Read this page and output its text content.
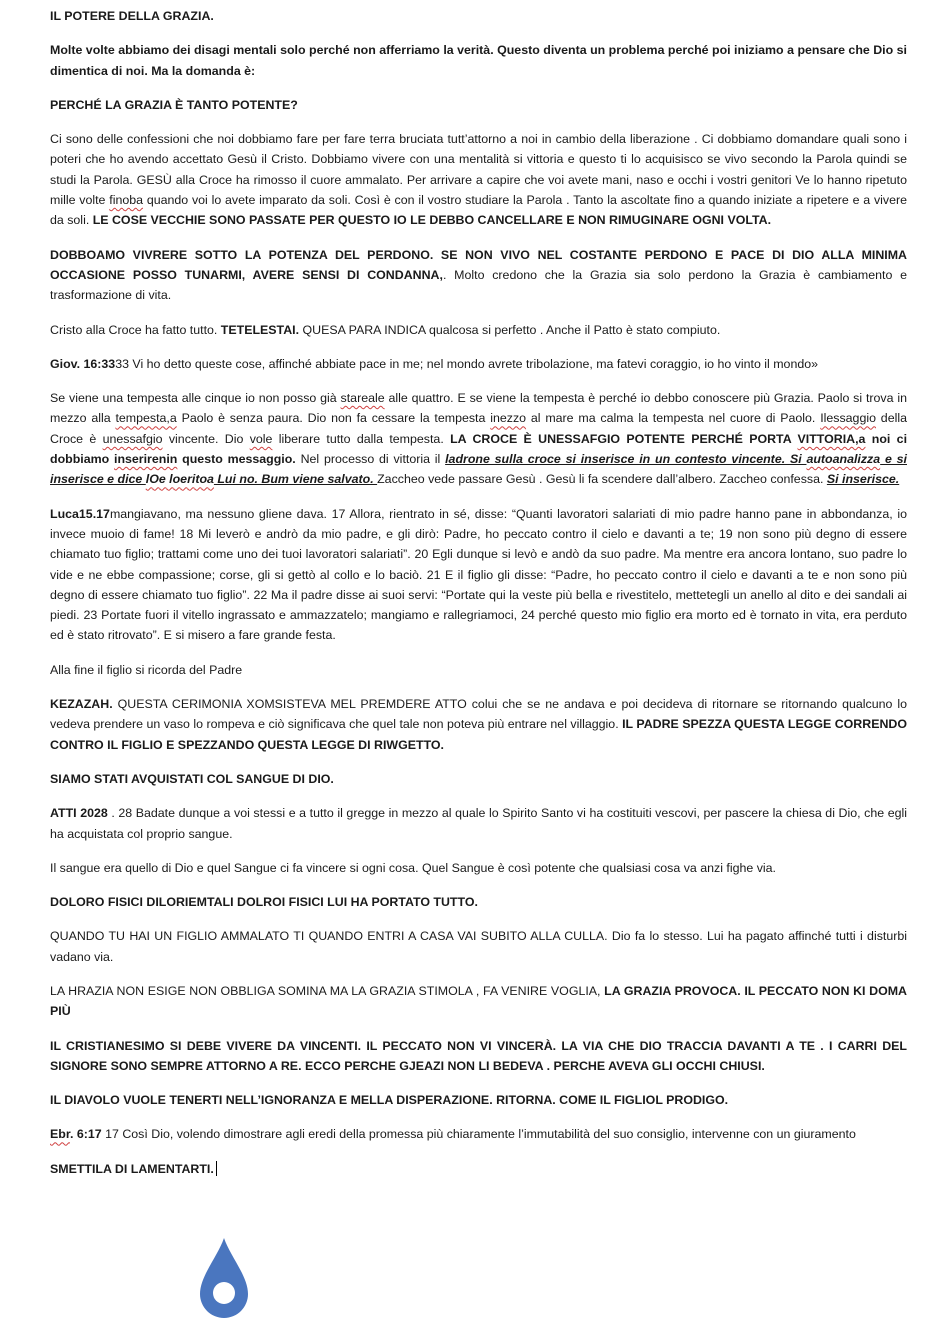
IL POTERE DELLA GRAZIA.

Molte volte abbiamo dei disagi mentali solo perché non afferriamo la verità. Questo diventa un problema perché poi iniziamo a pensare che Dio si dimentica di noi. Ma la domanda è:

PERCHÉ LA GRAZIA È TANTO POTENTE?

Ci sono delle confessioni che noi dobbiamo fare per fare terra bruciata tutt’attorno a noi in cambio della liberazione . Ci dobbiamo domandare quali sono i poteri che ho avendo accettato Gesù il Cristo. Dobbiamo vivere con una mentalità si vittoria e questo ti lo acquisisco se vivo secondo la Parola quindi se studi la Parola. GESÙ alla Croce ha rimosso il cuore ammalato. Per arrivare a capire che voi avete mani, naso e occhi i vostri genitori Ve lo hanno ripetuto mille volte finoba quando voi lo avete imparato da soli. Così è con il vostro studiare la Parola . Tanto la ascoltate fino a quando iniziate a ripetere e a vivere da soli. LE COSE VECCHIE SONO PASSATE PER QUESTO IO LE DEBBO CANCELLARE E NON RIMUGINARE OGNI VOLTA.

DOBBOAMO VIVRERE SOTTO LA POTENZA DEL PERDONO. SE NON VIVO NEL COSTANTE PERDONO E PACE DI DIO ALLA MINIMA OCCASIONE POSSO TUNARMI, AVERE SENSI DI CONDANNA,. Molto credono che la Grazia sia solo perdono la Grazia è cambiamento e trasformazione di vita.

Cristo alla Croce ha fatto tutto. TETELESTAI. QUESA PARA INDICA qualcosa si perfetto . Anche il Patto è stato compiuto.

Giov. 16:3333 Vi ho detto queste cose, affinché abbiate pace in me; nel mondo avrete tribolazione, ma fatevi coraggio, io ho vinto il mondo»

Se viene una tempesta alle cinque io non posso già stareale alle quattro. E se viene la tempesta è perché io debbo conoscere più Grazia. Paolo si trova in mezzo alla tempesta,a Paolo è senza paura. Dio non fa cessare la tempesta inezzo al mare ma calma la tempesta nel cuore di Paolo. Ilessaggio della Croce è unessafgio vincente. Dio vole liberare tutto dalla tempesta. LA CROCE È UNESSAFGIO POTENTE PERCHÉ PORTA VITTORIA,a noi ci dobbiamo inserirenin questo messaggio. Nel processo di vittoria il ladrone sulla croce si inserisce in un contesto vincente. Si autoanalizza e si inserisce e dice lOe loeritoa Lui no. Bum viene salvato. Zaccheo vede passare Gesù . Gesù li fa scendere dall’albero. Zaccheo confessa. Si inserisce.

Luca15.17mangiavano, ma nessuno gliene dava. 17 Allora, rientrato in sé, disse: “Quanti lavoratori salariati di mio padre hanno pane in abbondanza, io invece muoio di fame! 18 Mi leverò e andrò da mio padre, e gli dirò: Padre, ho peccato contro il cielo e davanti a te; 19 non sono più degno di essere chiamato tuo figlio; trattami come uno dei tuoi lavoratori salariati”. 20 Egli dunque si levò e andò da suo padre. Ma mentre era ancora lontano, suo padre lo vide e ne ebbe compassione; corse, gli si gettò al collo e lo baciò. 21 E il figlio gli disse: “Padre, ho peccato contro il cielo e davanti a te e non sono più degno di essere chiamato tuo figlio”. 22 Ma il padre disse ai suoi servi: “Portate qui la veste più bella e rivestitelo, mettetegli un anello al dito e dei sandali ai piedi. 23 Portate fuori il vitello ingrassato e ammazzatelo; mangiamo e rallegriamoci, 24 perché questo mio figlio era morto ed è tornato in vita, era perduto ed è stato ritrovato”. E si misero a fare grande festa.

Alla fine il figlio si ricorda del Padre

KEZAZAH. QUESTA CERIMONIA XOMSISTEVA MEL PREMDERE ATTO colui che se ne andava e poi decideva di ritornare se ritornando qualcuno lo vedeva prendere un vaso lo rompeva e ciò significava che quel tale non poteva più entrare nel villaggio. IL PADRE SPEZZA QUESTA LEGGE CORRENDO CONTRO IL FIGLIO E SPEZZANDO QUESTA LEGGE DI RIWGETTO.

SIAMO STATI AVQUISTATI COL SANGUE DI DIO.

ATTI 2028 . 28 Badate dunque a voi stessi e a tutto il gregge in mezzo al quale lo Spirito Santo vi ha costituiti vescovi, per pascere la chiesa di Dio, che egli ha acquistata col proprio sangue.

Il sangue era quello di Dio e quel Sangue ci fa vincere si ogni cosa. Quel Sangue è così potente che qualsiasi cosa va anzi fighe via.

DOLORO FISICI DILORIEMTALI DOLROI FISICI LUI HA PORTATO TUTTO.

QUANDO TU HAI UN FIGLIO AMMALATO TI QUANDO ENTRI A CASA VAI SUBITO ALLA CULLA. Dio fa lo stesso. Lui ha pagato affinché tutti i disturbi vadano via.

LA HRAZIA NON ESIGE NON OBBLIGA SOMINA MA LA GRAZIA STIMOLA , FA VENIRE VOGLIA, LA GRAZIA PROVOCA. IL PECCATO NON KI DOMA PIÙ

IL CRISTIANESIMO SI DEBE VIVERE DA VINCENTI. IL PECCATO NON VI VINCERÀ. LA VIA CHE DIO TRACCIA DAVANTI A TE . I CARRI DEL SIGNORE SONO SEMPRE ATTORNO A RE. ECCO PERCHE GJEAZI NON LI BEDEVA . PERCHE AVEVA GLI OCCHI CHIUSI.

IL DIAVOLO VUOLE TENERTI NELL’IGNORANZA E MELLA DISPERAZIONE. RITORNA. COME IL FIGLIOL PRODIGO.

Ebr. 6:17 17 Così Dio, volendo dimostrare agli eredi della promessa più chiaramente l’immutabilità del suo consiglio, intervenne con un giuramento

SMETTILA DI LAMENTARTI.
